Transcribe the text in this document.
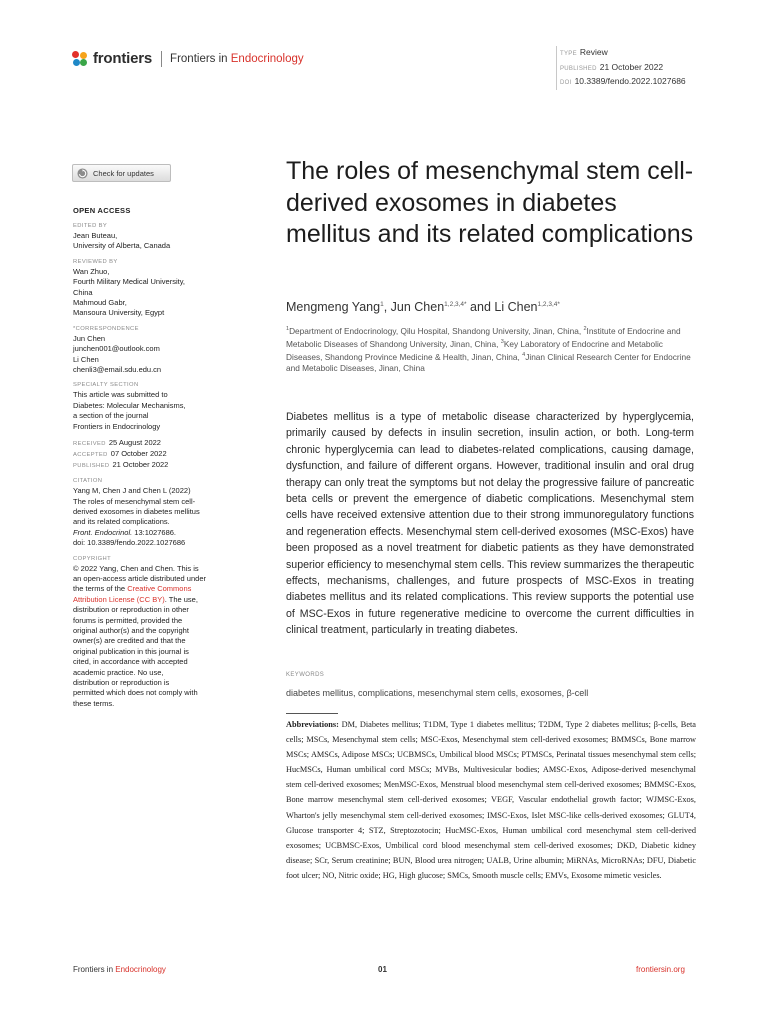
frontiers Frontiers in Endocrinology	TYPE Review
PUBLISHED 21 October 2022
DOI 10.3389/fendo.2022.1027686
Check for updates
OPEN ACCESS
EDITED BY
Jean Buteau,
University of Alberta, Canada
REVIEWED BY
Wan Zhuo,
Fourth Military Medical University,
China
Mahmoud Gabr,
Mansoura University, Egypt
*CORRESPONDENCE
Jun Chen
junchen001@outlook.com
Li Chen
chenli3@email.sdu.edu.cn
SPECIALTY SECTION
This article was submitted to
Diabetes: Molecular Mechanisms,
a section of the journal
Frontiers in Endocrinology
RECEIVED 25 August 2022
ACCEPTED 07 October 2022
PUBLISHED 21 October 2022
CITATION
Yang M, Chen J and Chen L (2022)
The roles of mesenchymal stem cell-
derived exosomes in diabetes mellitus
and its related complications.
Front. Endocrinol. 13:1027686.
doi: 10.3389/fendo.2022.1027686
COPYRIGHT
© 2022 Yang, Chen and Chen. This is
an open-access article distributed under
the terms of the Creative Commons
Attribution License (CC BY). The use,
distribution or reproduction in other
forums is permitted, provided the
original author(s) and the copyright
owner(s) are credited and that the
original publication in this journal is
cited, in accordance with accepted
academic practice. No use,
distribution or reproduction is
permitted which does not comply with
these terms.
The roles of mesenchymal stem cell-derived exosomes in diabetes mellitus and its related complications
Mengmeng Yang$^1$, Jun Chen$^{1,2,3,4*}$ and Li Chen$^{1,2,3,4*}$

$^1$Department of Endocrinology, Qilu Hospital, Shandong University, Jinan, China, $^2$Institute of Endocrine and Metabolic Diseases of Shandong University, Jinan, China, $^3$Key Laboratory of Endocrine and Metabolic Diseases, Shandong Province Medicine & Health, Jinan, China, $^4$Jinan Clinical Research Center for Endocrine and Metabolic Diseases, Jinan, China

Diabetes mellitus is a type of metabolic disease characterized by hyperglycemia, primarily caused by defects in insulin secretion, insulin action, or both. Long-term chronic hyperglycemia can lead to diabetes-related complications, causing damage, dysfunction, and failure of different organs. However, traditional insulin and oral drug therapy can only treat the symptoms but not delay the progressive failure of pancreatic beta cells or prevent the emergence of diabetic complications. Mesenchymal stem cells have received extensive attention due to their strong immunoregulatory functions and regeneration effects. Mesenchymal stem cell-derived exosomes (MSC-Exos) have been proposed as a novel treatment for diabetic patients as they have demonstrated superior efficiency to mesenchymal stem cells. This review summarizes the therapeutic effects, mechanisms, challenges, and future prospects of MSC-Exos in treating diabetes mellitus and its related complications. This review supports the potential use of MSC-Exos in future regenerative medicine to overcome the current difficulties in clinical treatment, particularly in treating diabetes.

KEYWORDS
diabetes mellitus, complications, mesenchymal stem cells, exosomes, β-cell

Abbreviations: DM, Diabetes mellitus; T1DM, Type 1 diabetes mellitus; T2DM, Type 2 diabetes mellitus; β-cells, Beta cells; MSCs, Mesenchymal stem cells; MSC-Exos, Mesenchymal stem cell-derived exosomes; BMMSCs, Bone marrow MSCs; AMSCs, Adipose MSCs; UCBMSCs, Umbilical blood MSCs; PTMSCs, Perinatal tissues mesenchymal stem cells; HucMSCs, Human umbilical cord MSCs; MVBs, Multivesicular bodies; AMSC-Exos, Adipose-derived mesenchymal stem cell-derived exosomes; MenMSC-Exos, Menstrual blood mesenchymal stem cell-derived exosomes; BMMSC-Exos, Bone marrow mesenchymal stem cell-derived exosomes; VEGF, Vascular endothelial growth factor; WJMSC-Exos, Wharton's jelly mesenchymal stem cell-derived exosomes; IMSC-Exos, Islet MSC-like cells-derived exosomes; GLUT4, Glucose transporter 4; STZ, Streptozotocin; HucMSC-Exos, Human umbilical cord mesenchymal stem cell-derived exosomes; UCBMSC-Exos, Umbilical cord blood mesenchymal stem cell-derived exosomes; DKD, Diabetic kidney disease; SCr, Serum creatinine; BUN, Blood urea nitrogen; UALB, Urine albumin; MiRNAs, MicroRNAs; DFU, Diabetic foot ulcer; NO, Nitric oxide; HG, High glucose; SMCs, Smooth muscle cells; EMVs, Exosome mimetic vesicles.

Frontiers in Endocrinology	01	frontiersin.org
